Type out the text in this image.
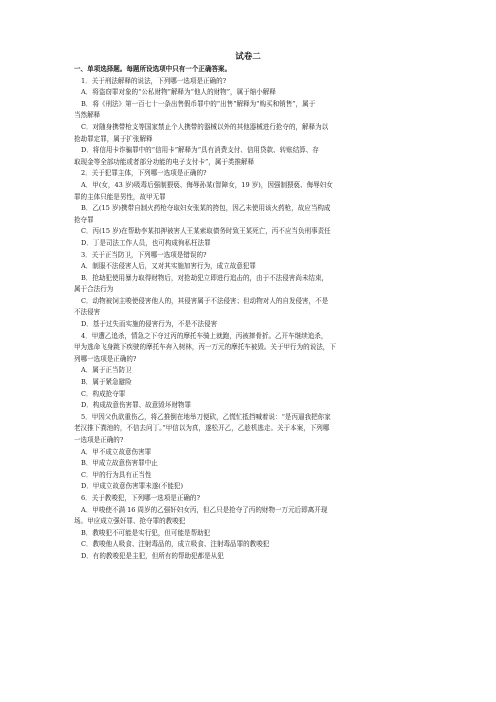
试卷二
一、单项选择题。每题所设选项中只有一个正确答案。
1．关于刑法解释的说法，下列哪一选项是正确的?
A．将盗窃罪对象的“公私财物”解释为“他人的财物”，属于缩小解释
B．将《刑法》第一百七十一条出售假币罪中的“出售”解释为“购买和销售”，属于
当然解释
C．对随身携带枪支等国家禁止个人携带的器械以外的其他器械进行抢夺的，解释为以
抢劫罪定罪，属于扩张解释
D．将信用卡诈骗罪中的“信用卡”解释为“具有消费支付、信用贷款、转账结算、存
取现金等全部功能或者部分功能的电子支付卡”，属于类推解释
2．关于犯罪主体，下列哪一选项是正确的?
A．甲(女，43 岁)吸毒后强制猥亵、侮辱孙某(智障女，19 岁)，因强制猥亵、侮辱妇女
罪的主体只能是男性，故甲无罪
B．乙(15 岁)携带自制火药枪夺取妇女张某的挎包，因乙未使用该火药枪，故应当构成
抢夺罪
C．丙(15 岁)在帮助李某扣押被害人王某索取债务时致王某死亡，丙不应当负刑事责任
D．丁是司法工作人员，也可构成徇私枉法罪
3．关于正当防卫，下列哪一选项是错误的?
A．制服不法侵害人后，又对其实施加害行为，成立故意犯罪
B．抢劫犯使用暴力取得财物后，对抢劫犯立即进行追击的，由于不法侵害尚未结束，
属于合法行为
C．动物被饲主唆使侵害他人的，其侵害属于不法侵害；但动物对人的自发侵害，不是
不法侵害
D．基于过失而实施的侵害行为，不是不法侵害
4．甲遭乙追杀，情急之下夺过丙的摩托车骑上就跑，丙被摔骨折。乙开车继续追杀，
甲为逃命飞身跳下疾驶的摩托车奔入树林，丙一万元的摩托车被毁。关于甲行为的说法，下
列哪一选项是正确的?
A．属于正当防卫
B．属于紧急避险
C．构成抢夺罪
D．构成故意伤害罪、故意毁坏财物罪
5．甲因父仇欲重伤乙，将乙推倒在地举刀便砍，乙慌忙抵挡喊着说：“是丙逼我把你家
老汉推下粪池的，不信去问丁。”甲信以为真，遂松开乙，乙趁机逃走。关于本案，下列哪
一选项是正确的?
A．甲不成立故意伤害罪
B．甲成立故意伤害罪中止
C．甲的行为具有正当性
D．甲成立故意伤害罪未遂(不能犯)
6．关于教唆犯，下列哪一选项是正确的?
A．甲唆使不满 16 周岁的乙强奸妇女丙，但乙只是抢夺了丙的财物一万元后即离开现
场。甲应成立强奸罪、抢夺罪的教唆犯
B．教唆犯不可能是实行犯，但可能是帮助犯
C．教唆他人吸食、注射毒品的，成立吸食、注射毒品罪的教唆犯
D．有的教唆犯是主犯，但所有的帮助犯都是从犯
